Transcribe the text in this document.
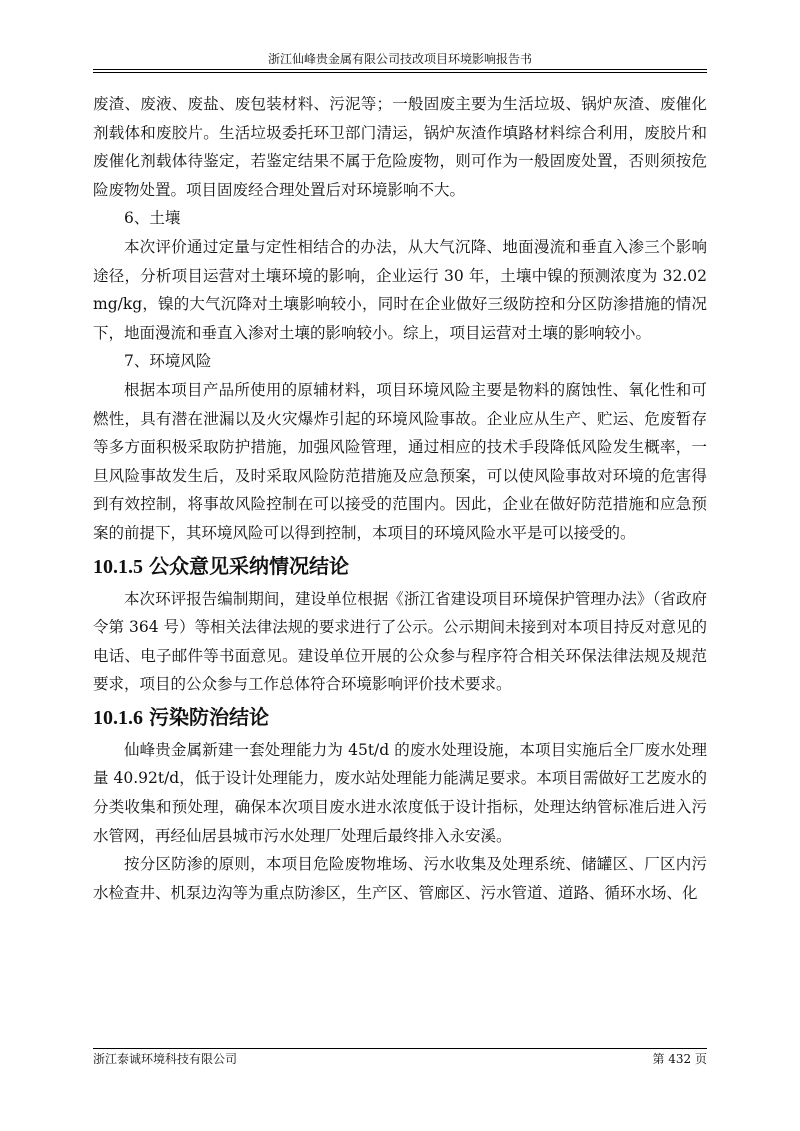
浙江仙峰贵金属有限公司技改项目环境影响报告书

废渣、废液、废盐、废包装材料、污泥等；一般固废主要为生活垃圾、锅炉灰渣、废催化剂载体和废胶片。生活垃圾委托环卫部门清运，锅炉灰渣作填路材料综合利用，废胶片和废催化剂载体待鉴定，若鉴定结果不属于危险废物，则可作为一般固废处置，否则须按危险废物处置。项目固废经合理处置后对环境影响不大。

6、土壤

本次评价通过定量与定性相结合的办法，从大气沉降、地面漫流和垂直入渗三个影响途径，分析项目运营对土壤环境的影响，企业运行 30 年，土壤中镍的预测浓度为 32.02 mg/kg，镍的大气沉降对土壤影响较小，同时在企业做好三级防控和分区防渗措施的情况下，地面漫流和垂直入渗对土壤的影响较小。综上，项目运营对土壤的影响较小。

7、环境风险

根据本项目产品所使用的原辅材料，项目环境风险主要是物料的腐蚀性、氧化性和可燃性，具有潜在泄漏以及火灾爆炸引起的环境风险事故。企业应从生产、贮运、危废暂存等多方面积极采取防护措施，加强风险管理，通过相应的技术手段降低风险发生概率，一旦风险事故发生后，及时采取风险防范措施及应急预案，可以使风险事故对环境的危害得到有效控制，将事故风险控制在可以接受的范围内。因此，企业在做好防范措施和应急预案的前提下，其环境风险可以得到控制，本项目的环境风险水平是可以接受的。

10.1.5 公众意见采纳情况结论

本次环评报告编制期间，建设单位根据《浙江省建设项目环境保护管理办法》（省政府令第 364 号）等相关法律法规的要求进行了公示。公示期间未接到对本项目持反对意见的电话、电子邮件等书面意见。建设单位开展的公众参与程序符合相关环保法律法规及规范要求，项目的公众参与工作总体符合环境影响评价技术要求。

10.1.6 污染防治结论

仙峰贵金属新建一套处理能力为 45t/d 的废水处理设施，本项目实施后全厂废水处理量 40.92t/d，低于设计处理能力，废水站处理能力能满足要求。本项目需做好工艺废水的分类收集和预处理，确保本次项目废水进水浓度低于设计指标，处理达纳管标准后进入污水管网，再经仙居县城市污水处理厂处理后最终排入永安溪。

按分区防渗的原则，本项目危险废物堆场、污水收集及处理系统、储罐区、厂区内污水检查井、机泵边沟等为重点防渗区，生产区、管廊区、污水管道、道路、循环水场、化

浙江泰诚环境科技有限公司	第 432 页
